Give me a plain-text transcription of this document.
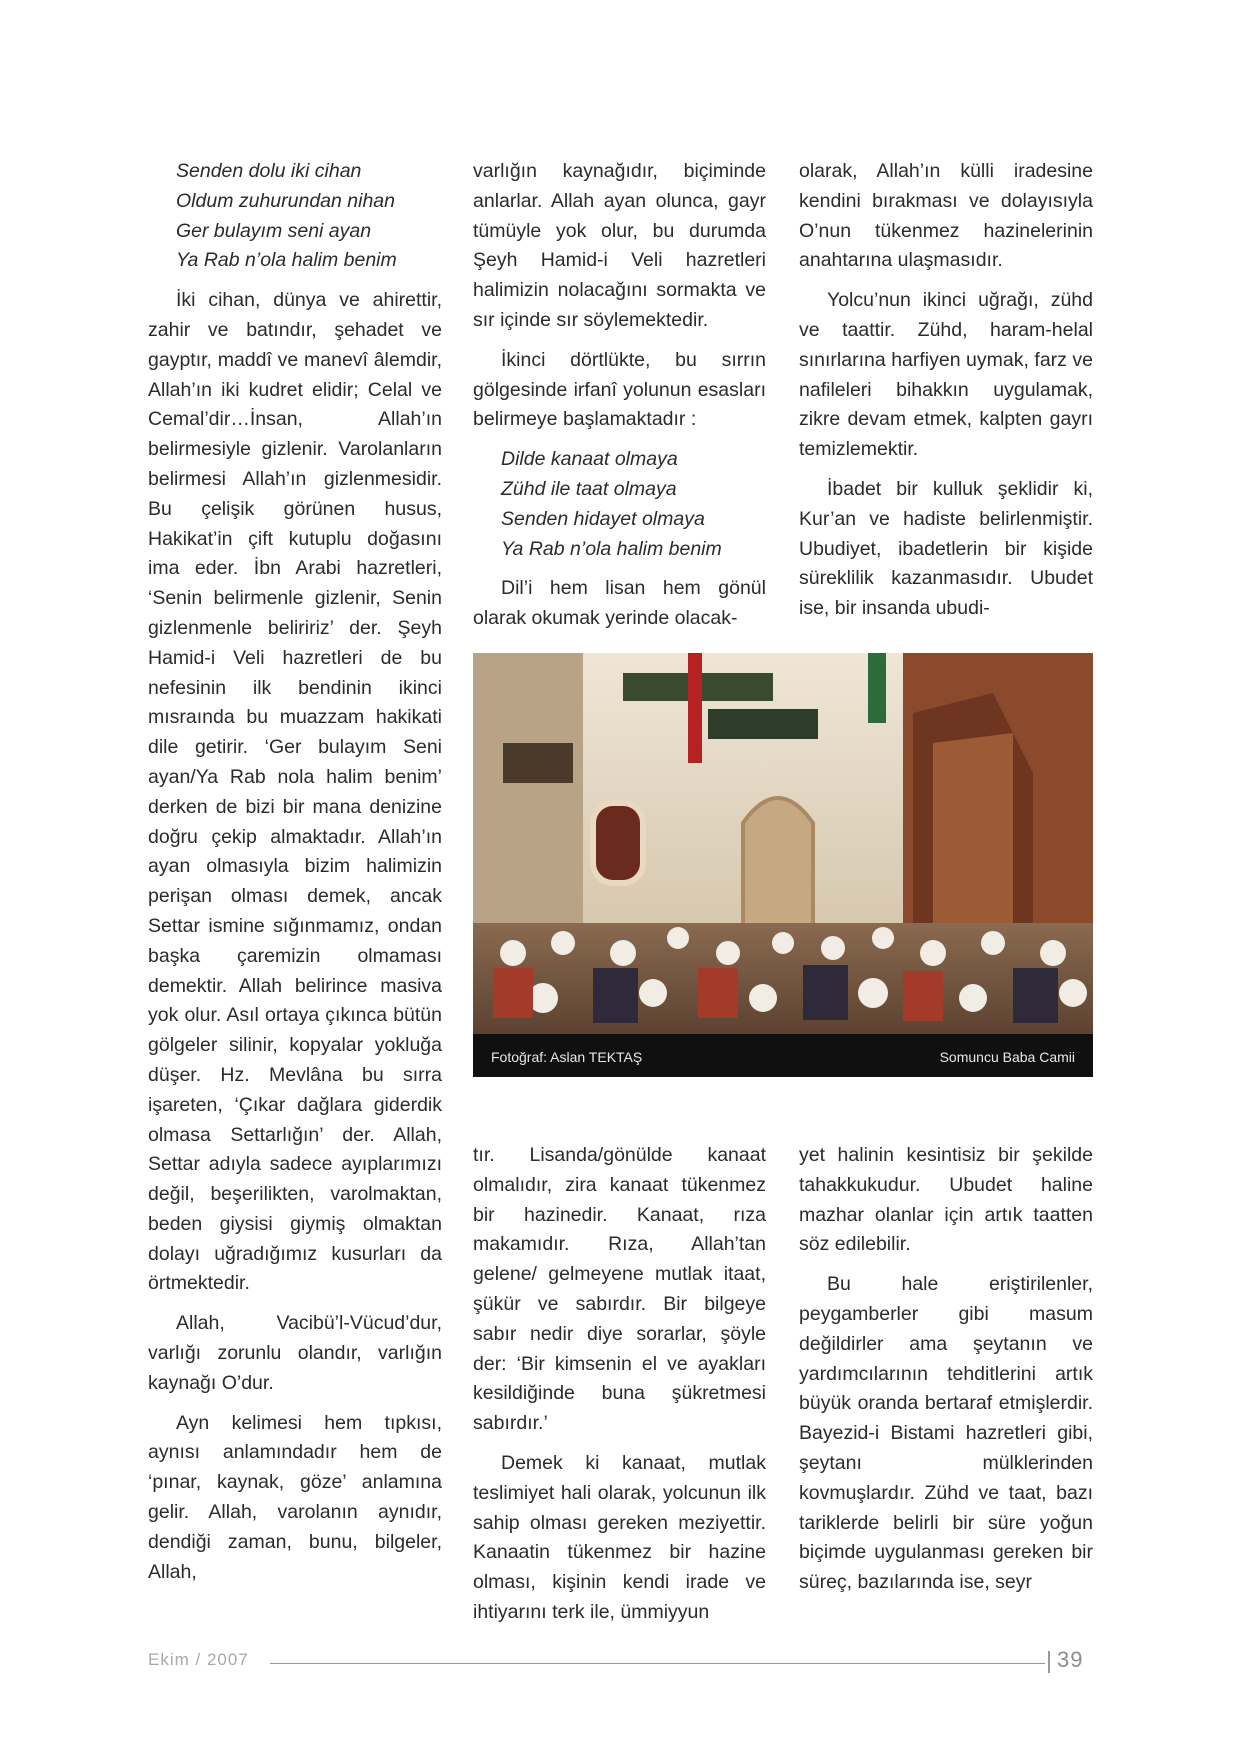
Senden dolu iki cihan
Oldum zuhurundan nihan
Ger bulayım seni ayan
Ya Rab n’ola halim benim

İki cihan, dünya ve ahirettir, zahir ve batındır, şehadet ve gayptır, maddî ve manevî âlemdir, Allah’ın iki kudret elidir; Celal ve Cemal’dir…İnsan, Allah’ın belirmesiyle gizlenir. Varolanların belirmesi Allah’ın gizlenmesidir. Bu çelişik görünen husus, Hakikat’in çift kutuplu doğasını ima eder. İbn Arabi hazretleri, ‘Senin belirmenle gizlenir, Senin gizlenmenle beliririz’ der. Şeyh Hamid-i Veli hazretleri de bu nefesinin ilk bendinin ikinci mısraında bu muazzam hakikati dile getirir. ‘Ger bulayım Seni ayan/Ya Rab nola halim benim’ derken de bizi bir mana denizine doğru çekip almaktadır. Allah’ın ayan olmasıyla bizim halimizin perişan olması demek, ancak Settar ismine sığınmamız, ondan başka çaremizin olmaması demektir. Allah belirince masiva yok olur. Asıl ortaya çıkınca bütün gölgeler silinir, kopyalar yokluğa düşer. Hz. Mevlâna bu sırra işareten, ‘Çıkar dağlara giderdik olmasa Settarlığın’ der. Allah, Settar adıyla sadece ayıplarımızı değil, beşerilikten, varolmaktan, beden giysisi giymiş olmaktan dolayı uğradığımız kusurları da örtmektedir.

Allah, Vacibü’l-Vücud’dur, varlığı zorunlu olandır, varlığın kaynağı O’dur.

Ayn kelimesi hem tıpkısı, aynısı anlamındadır hem de ‘pınar, kaynak, göze’ anlamına gelir. Allah, varolanın aynıdır, dendiği zaman, bunu, bilgeler, Allah,

varlığın kaynağıdır, biçiminde anlarlar. Allah ayan olunca, gayr tümüyle yok olur, bu durumda Şeyh Hamid-i Veli hazretleri halimizin nolacağını sormakta ve sır içinde sır söylemektedir.

İkinci dörtlükte, bu sırrın gölgesinde irfanî yolunun esasları belirmeye başlamaktadır :

Dilde kanaat olmaya
Zühd ile taat olmaya
Senden hidayet olmaya
Ya Rab n’ola halim benim

Dil’i hem lisan hem gönül olarak okumak yerinde olacak-

olarak, Allah’ın külli iradesine kendini bırakması ve dolayısıyla O’nun tükenmez hazinelerinin anahtarına ulaşmasıdır.

Yolcu’nun ikinci uğrağı, zühd ve taattir. Zühd, haram-helal sınırlarına harfiyen uymak, farz ve nafileleri bihakkın uygulamak, zikre devam etmek, kalpten gayrı temizlemektir.

İbadet bir kulluk şeklidir ki, Kur’an ve hadiste belirlenmiştir. Ubudiyet, ibadetlerin bir kişide süreklilik kazanmasıdır. Ubudet ise, bir insanda ubudi-

Fotoğraf: Aslan TEKTAŞ	Somuncu Baba Camii

tır. Lisanda/gönülde kanaat olmalıdır, zira kanaat tükenmez bir hazinedir. Kanaat, rıza makamıdır. Rıza, Allah’tan gelene/ gelmeyene mutlak itaat, şükür ve sabırdır. Bir bilgeye sabır nedir diye sorarlar, şöyle der: ‘Bir kimsenin el ve ayakları kesildiğinde buna şükretmesi sabırdır.’

Demek ki kanaat, mutlak teslimiyet hali olarak, yolcunun ilk sahip olması gereken meziyettir. Kanaatin tükenmez bir hazine olması, kişinin kendi irade ve ihtiyarını terk ile, ümmiyyun

yet halinin kesintisiz bir şekilde tahakkukudur. Ubudet haline mazhar olanlar için artık taatten söz edilebilir.

Bu hale eriştirilenler, peygamberler gibi masum değildirler ama şeytanın ve yardımcılarının tehditlerini artık büyük oranda bertaraf etmişlerdir. Bayezid-i Bistami hazretleri gibi, şeytanı mülklerinden kovmuşlardır. Zühd ve taat, bazı tariklerde belirli bir süre yoğun biçimde uygulanması gereken bir süreç, bazılarında ise, seyr

Ekim / 2007	39
